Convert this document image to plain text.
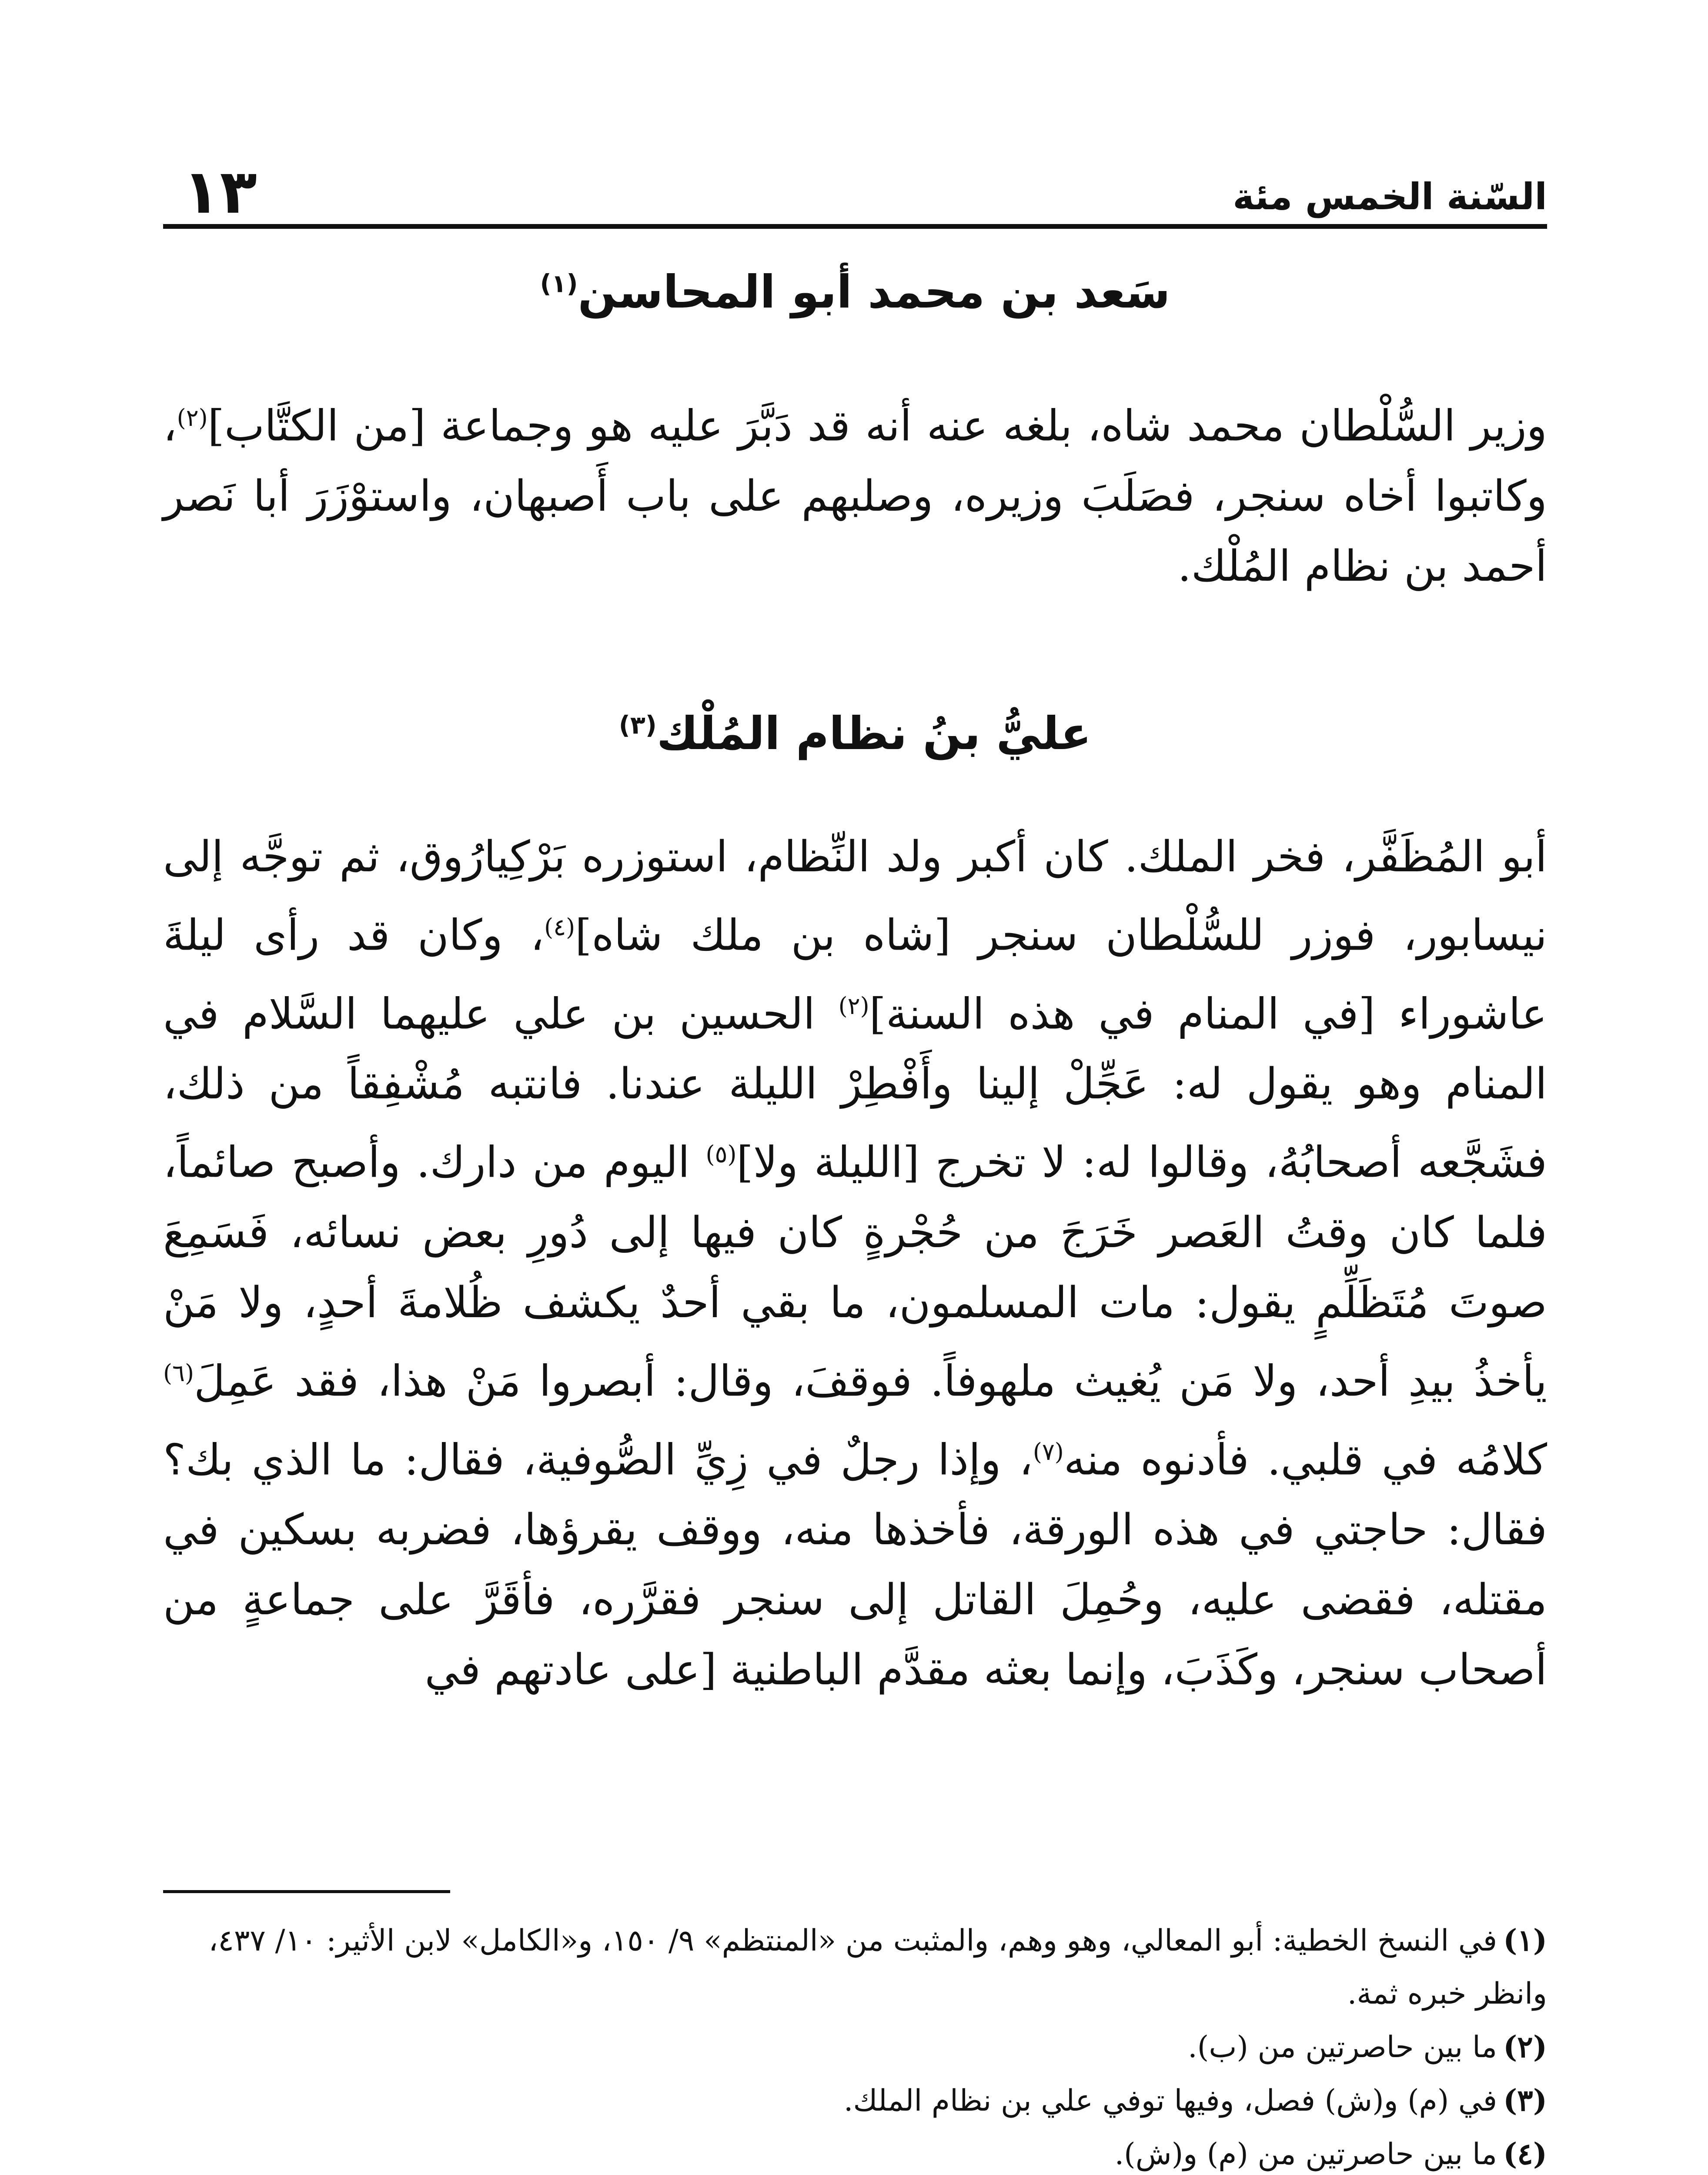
السّنة الخمس مئة
١٣
سَعد بن محمد أبو المحاسن$^{(١)}$
وزير السُّلْطان محمد شاه، بلغه عنه أنه قد دَبَّرَ عليه هو وجماعة [من الكتَّاب]$^{(٢)}$، وكاتبوا أخاه سنجر، فصَلَبَ وزيره، وصلبهم على باب أَصبهان، واستوْزَرَ أبا نَصر أحمد بن نظام المُلْك.
عليُّ بنُ نظام المُلْك$^{(٣)}$
أبو المُظَفَّر، فخر الملك. كان أكبر ولد النِّظام، استوزره بَرْكِيارُوق، ثم توجَّه إلى نيسابور، فوزر للسُّلْطان سنجر [شاه بن ملك شاه]$^{(٤)}$، وكان قد رأى ليلةَ عاشوراء [في المنام في هذه السنة]$^{(٢)}$ الحسين بن علي عليهما السَّلام في المنام وهو يقول له: عَجِّلْ إلينا وأَفْطِرْ الليلة عندنا. فانتبه مُشْفِقاً من ذلك، فشَجَّعه أصحابُهُ، وقالوا له: لا تخرج [الليلة ولا]$^{(٥)}$ اليوم من دارك. وأصبح صائماً، فلما كان وقتُ العَصر خَرَجَ من حُجْرةٍ كان فيها إلى دُورِ بعض نسائه، فَسَمِعَ صوتَ مُتَظَلِّمٍ يقول: مات المسلمون، ما بقي أحدٌ يكشف ظُلامةَ أحدٍ، ولا مَنْ يأخذُ بيدِ أحد، ولا مَن يُغيث ملهوفاً. فوقفَ، وقال: أبصروا مَنْ هذا، فقد عَمِلَ$^{(٦)}$ كلامُه في قلبي. فأدنوه منه$^{(٧)}$، وإذا رجلٌ في زِيِّ الصُّوفية، فقال: ما الذي بك؟ فقال: حاجتي في هذه الورقة، فأخذها منه، ووقف يقرؤها، فضربه بسكين في مقتله، فقضى عليه، وحُمِلَ القاتل إلى سنجر فقرَّره، فأقَرَّ على جماعةٍ من أصحاب سنجر، وكَذَبَ، وإنما بعثه مقدَّم الباطنية [على عادتهم في
(١)في النسخ الخطية: أبو المعالي، وهو وهم، والمثبت من «المنتظم» ٩/ ١٥٠، و«الكامل» لابن الأثير: ١٠/ ٤٣٧، وانظر خبره ثمة.
(٢)ما بين حاصرتين من (ب).
(٣)في (م) و(ش) فصل، وفيها توفي علي بن نظام الملك.
(٤)ما بين حاصرتين من (م) و(ش).
